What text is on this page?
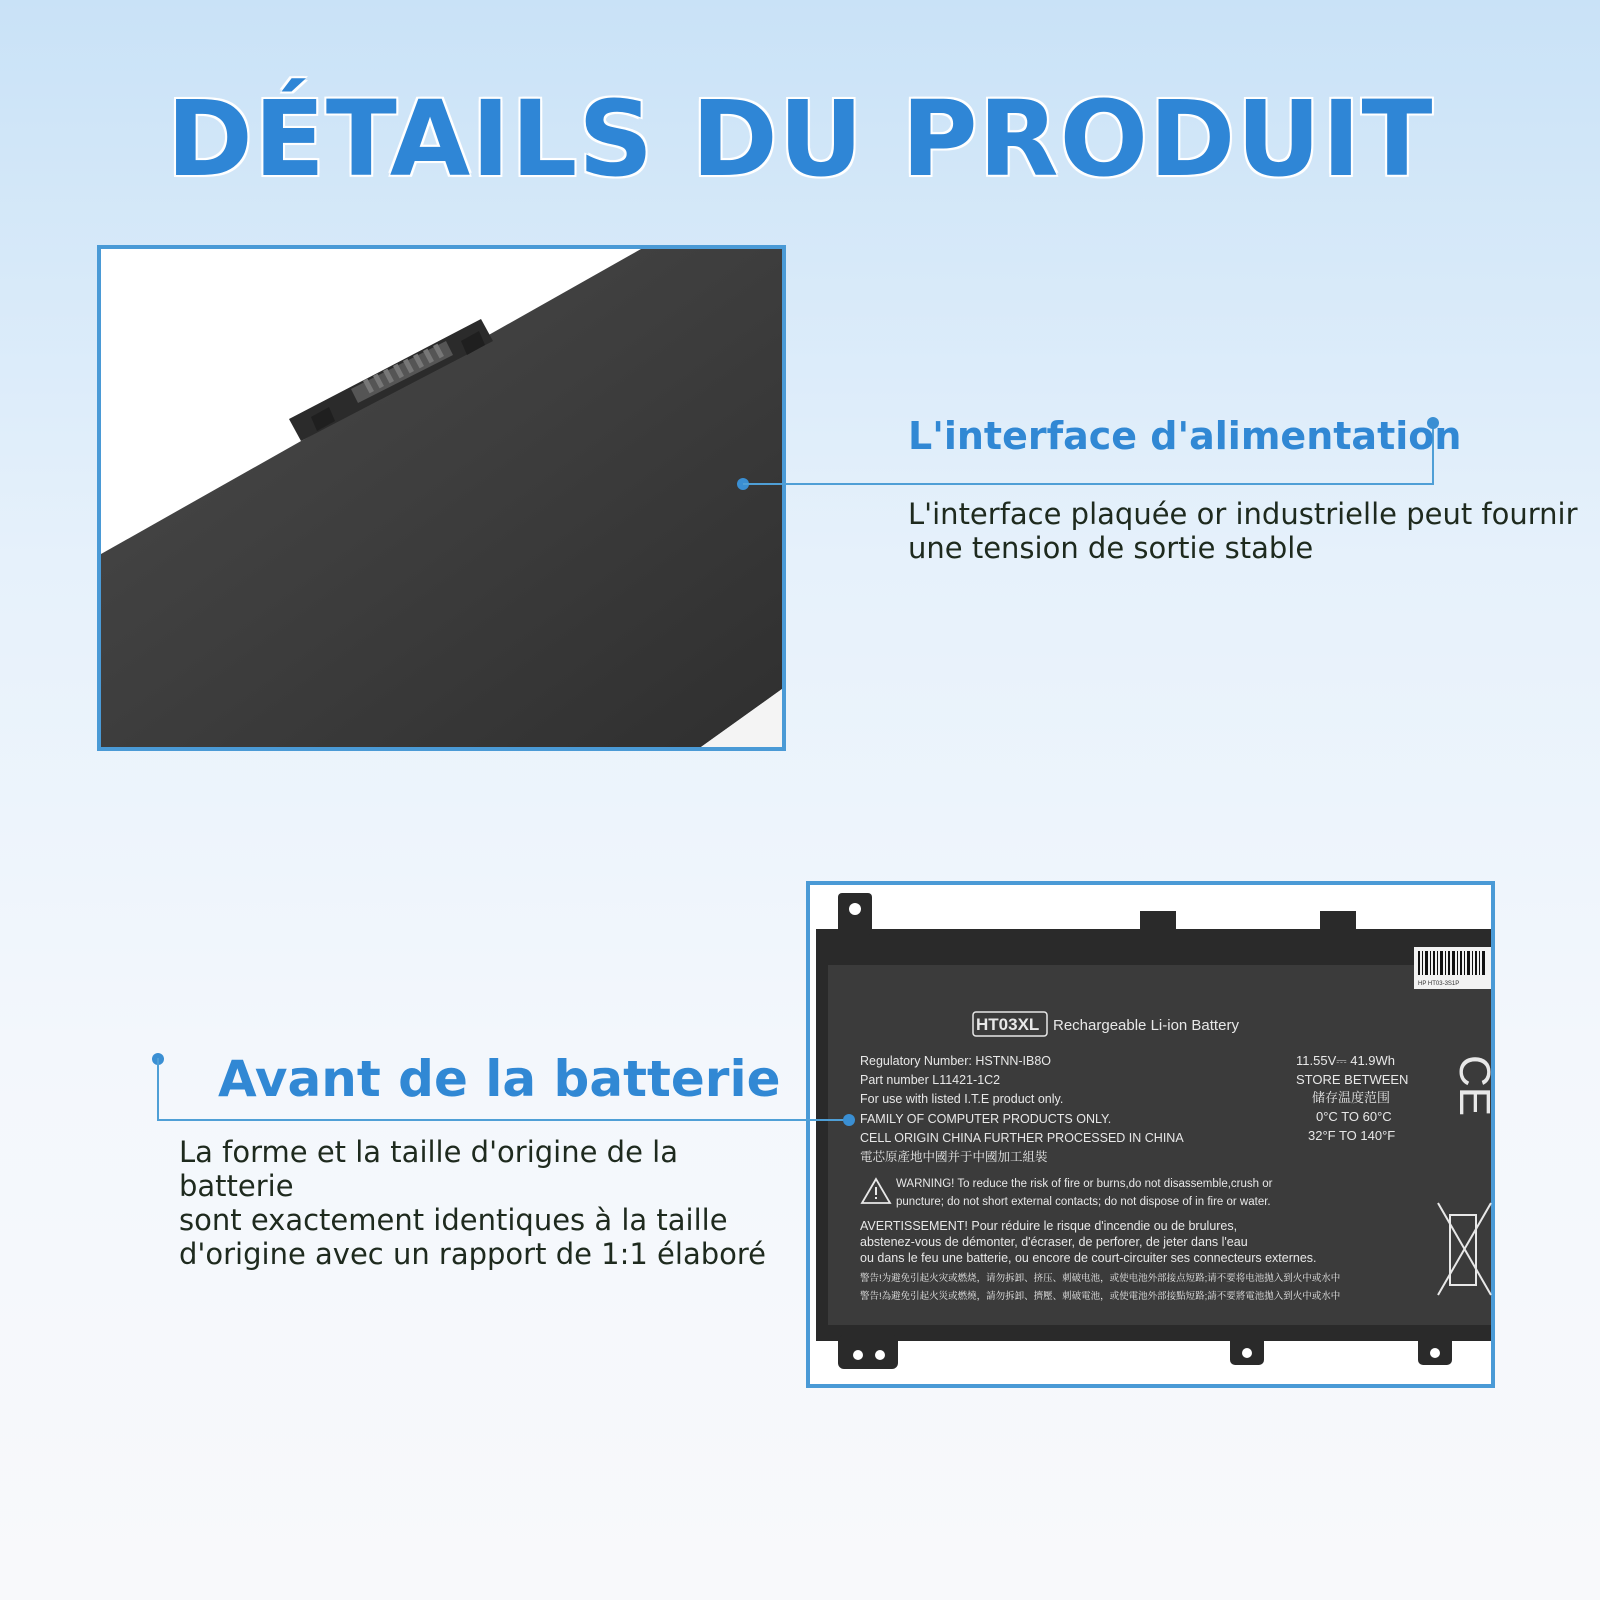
DÉTAILS DU PRODUIT
L'interface d'alimentation
L'interface plaquée or industrielle peut fournir
une tension de sortie stable
HP HT03-3S1P
HT03XL Rechargeable Li-ion Battery
Regulatory Number: HSTNN-IB8O
Part number L11421-1C2
For use with listed I.T.E product only.
FAMILY OF COMPUTER PRODUCTS ONLY.
CELL ORIGIN CHINA FURTHER PROCESSED IN CHINA
電芯原產地中國并于中國加工組裝
11.55V⎓ 41.9Wh
STORE BETWEEN
储存温度范围
0°C TO 60°C
32°F TO 140°F
WARNING! To reduce the risk of fire or burns,do not disassemble,crush or
puncture; do not short external contacts; do not dispose of in fire or water.
AVERTISSEMENT! Pour réduire le risque d'incendie ou de brulures,
abstenez-vous de démonter, d'écraser, de perforer, de jeter dans l'eau
ou dans le feu une batterie, ou encore de court-circuiter ses connecteurs externes.
警告!为避免引起火灾或燃烧，请勿拆卸、挤压、刺破电池，或使电池外部接点短路;请不要将电池抛入到火中或水中
警告!為避免引起火災或燃燒，請勿拆卸、擠壓、刺破電池，或使電池外部接點短路;請不要將電池拋入到火中或水中
CE
Avant de la batterie
La forme et la taille d'origine de la batterie
sont exactement identiques à la taille
d'origine avec un rapport de 1:1 élaboré
